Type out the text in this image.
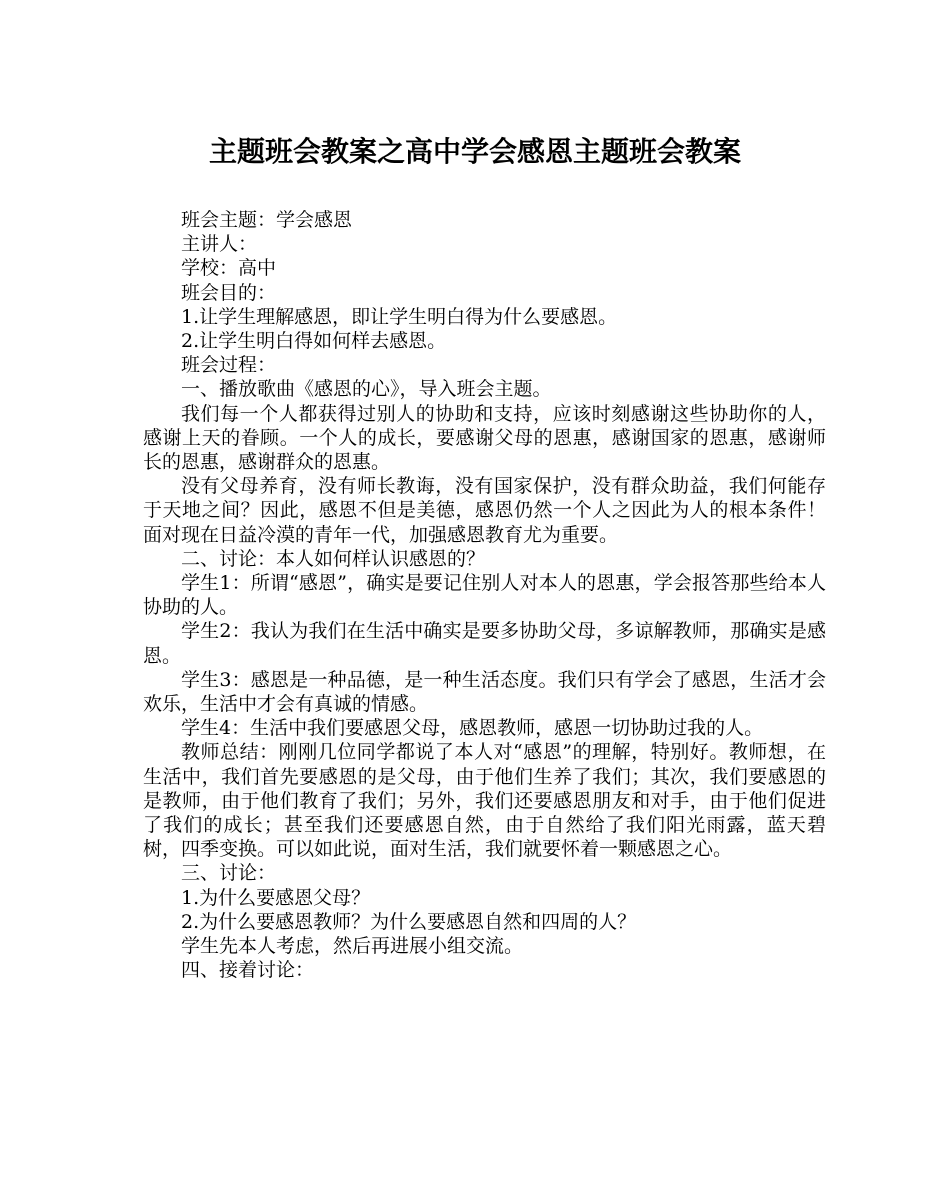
主题班会教案之高中学会感恩主题班会教案

班会主题：学会感恩

主讲人：

学校：高中

班会目的：

1.让学生理解感恩，即让学生明白得为什么要感恩。

2.让学生明白得如何样去感恩。

班会过程：

一、播放歌曲《感恩的心》，导入班会主题。

我们每一个人都获得过别人的协助和支持，应该时刻感谢这些协助你的人，感谢上天的眷顾。一个人的成长，要感谢父母的恩惠，感谢国家的恩惠，感谢师长的恩惠，感谢群众的恩惠。

没有父母养育，没有师长教诲，没有国家保护，没有群众助益，我们何能存于天地之间？因此，感恩不但是美德，感恩仍然一个人之因此为人的根本条件！面对现在日益冷漠的青年一代，加强感恩教育尤为重要。

二、讨论：本人如何样认识感恩的？

学生1：所谓“感恩”，确实是要记住别人对本人的恩惠，学会报答那些给本人协助的人。

学生2：我认为我们在生活中确实是要多协助父母，多谅解教师，那确实是感恩。

学生3：感恩是一种品德，是一种生活态度。我们只有学会了感恩，生活才会欢乐，生活中才会有真诚的情感。

学生4：生活中我们要感恩父母，感恩教师，感恩一切协助过我的人。

教师总结：刚刚几位同学都说了本人对“感恩”的理解，特别好。教师想，在生活中，我们首先要感恩的是父母，由于他们生养了我们；其次，我们要感恩的是教师，由于他们教育了我们；另外，我们还要感恩朋友和对手，由于他们促进了我们的成长；甚至我们还要感恩自然，由于自然给了我们阳光雨露，蓝天碧树，四季变换。可以如此说，面对生活，我们就要怀着一颗感恩之心。

三、讨论：

1.为什么要感恩父母？

2.为什么要感恩教师？为什么要感恩自然和四周的人？

学生先本人考虑，然后再进展小组交流。

四、接着讨论：
